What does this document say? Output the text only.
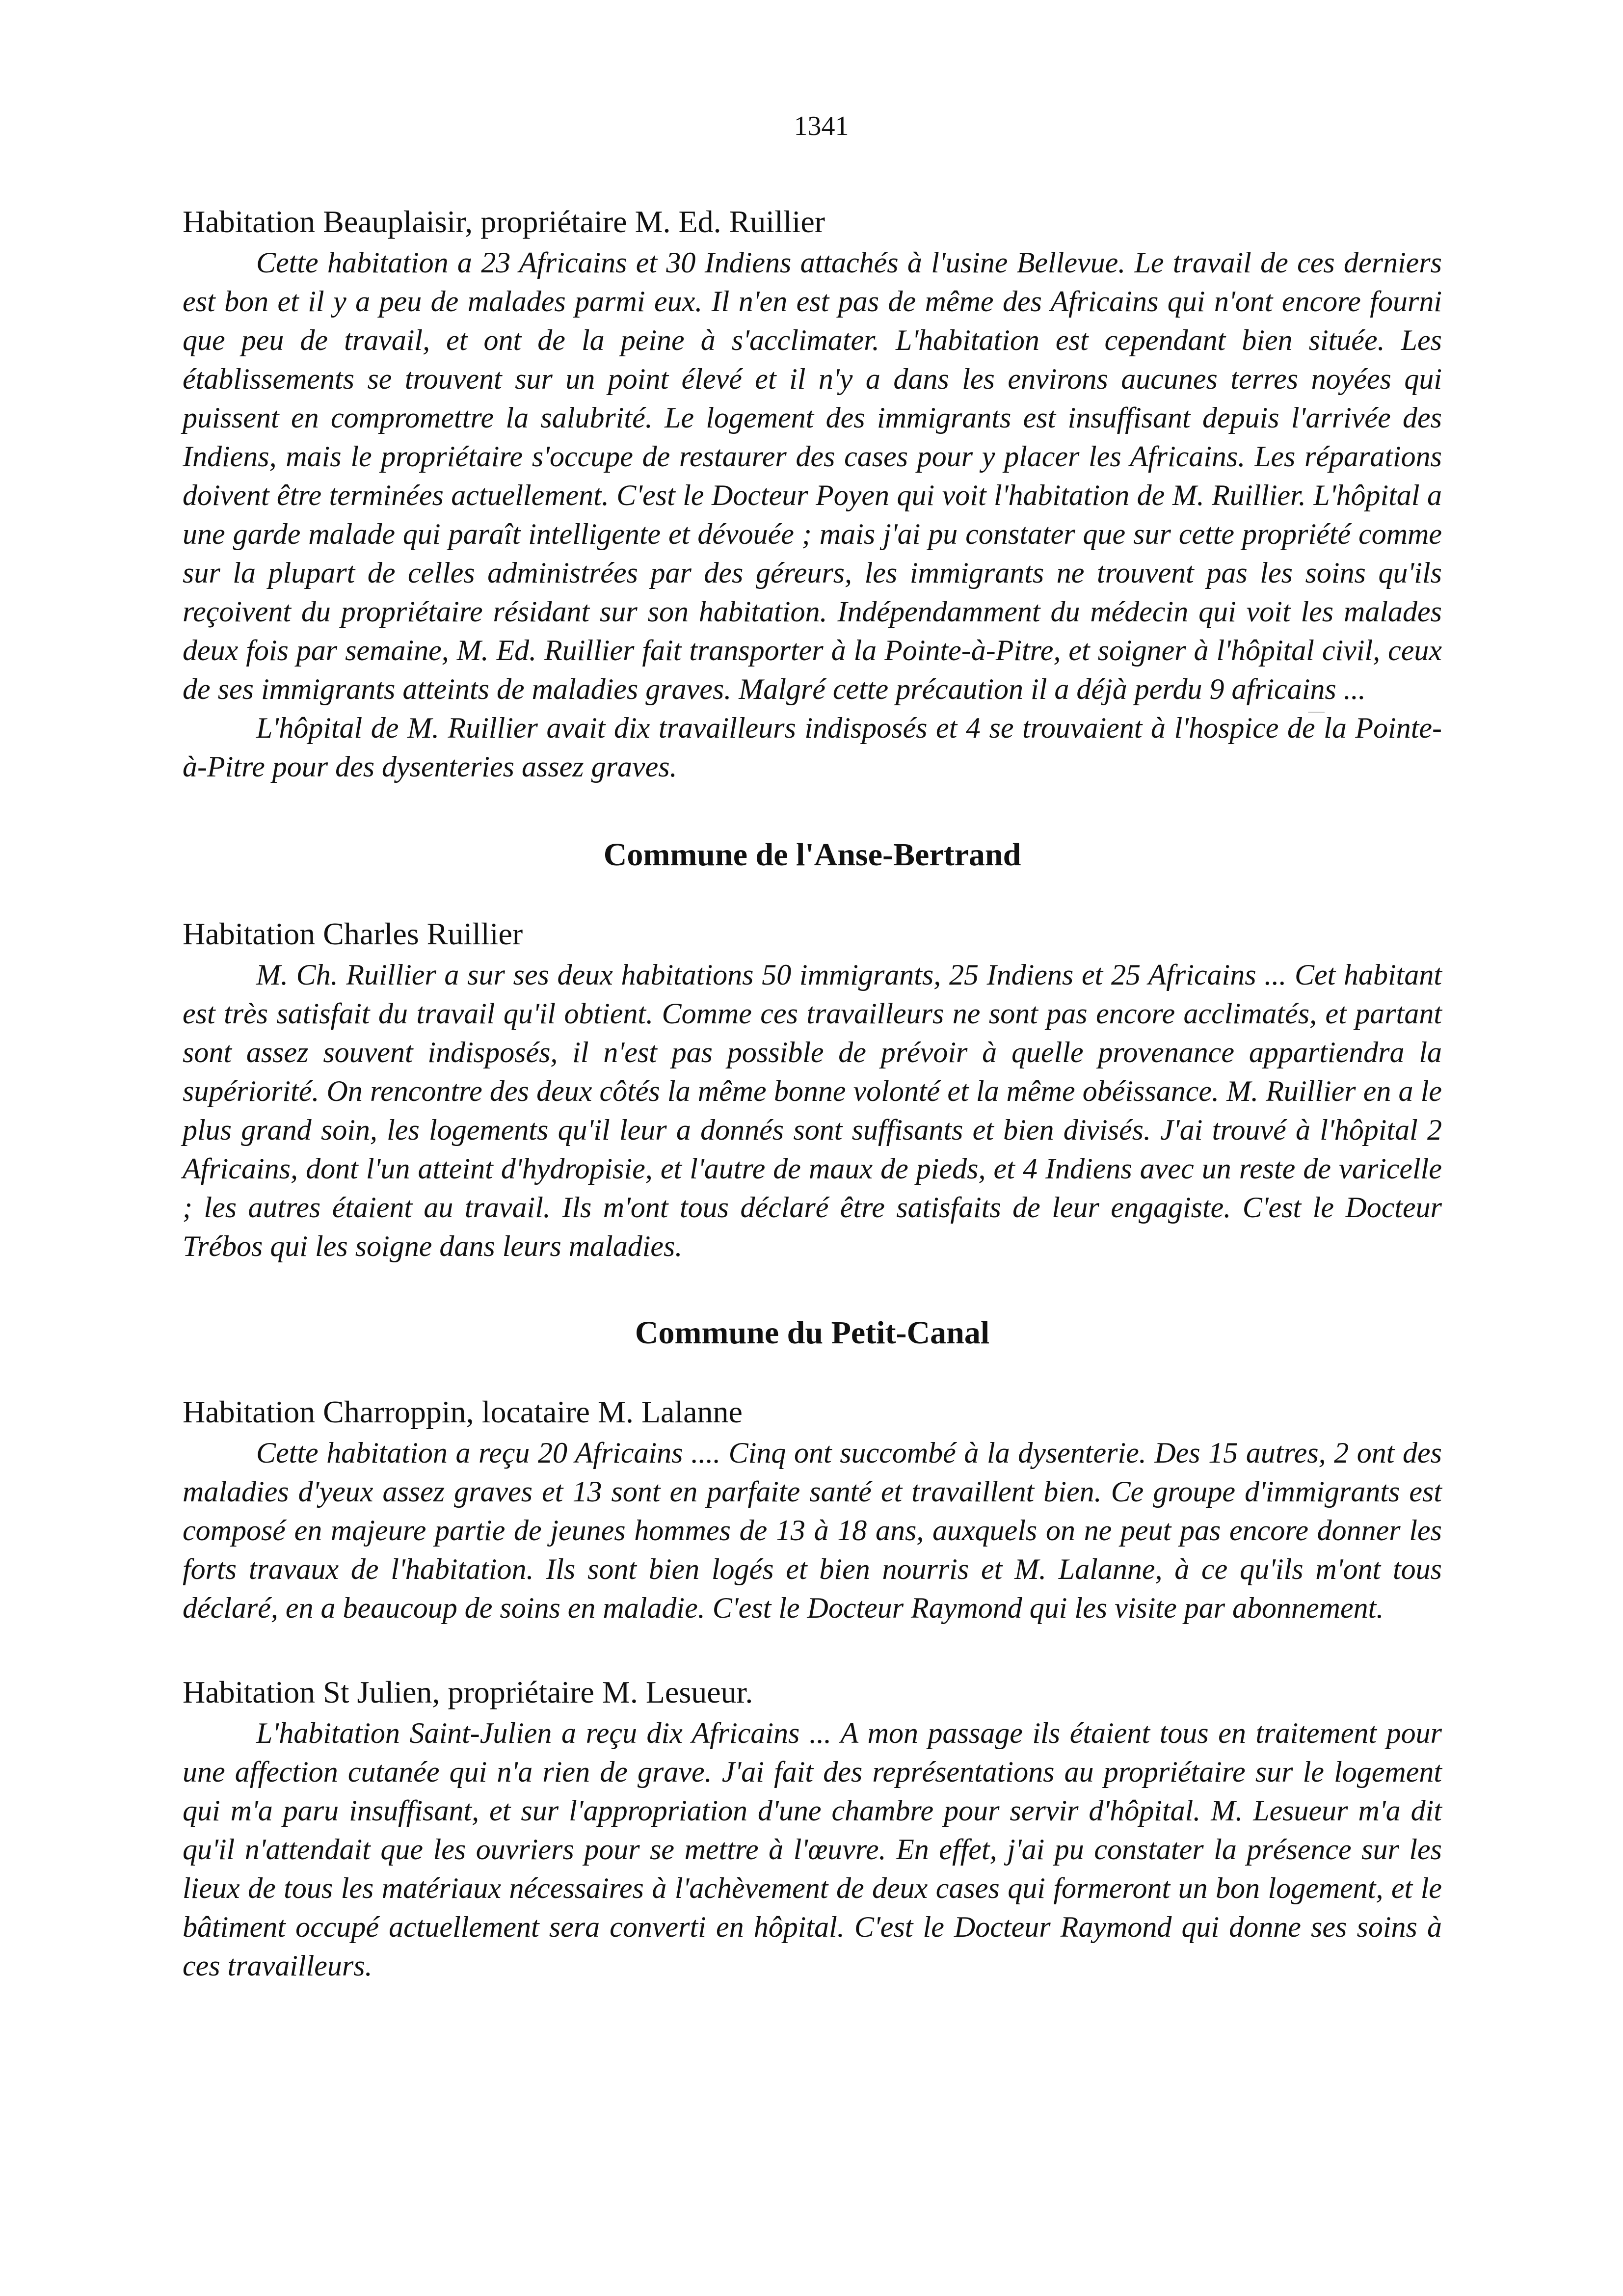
1341

Habitation Beauplaisir, propriétaire M. Ed. Ruillier

Cette habitation a 23 Africains et 30 Indiens attachés à l'usine Bellevue. Le travail de ces derniers est bon et il y a peu de malades parmi eux. Il n'en est pas de même des Africains qui n'ont encore fourni que peu de travail, et ont de la peine à s'acclimater. L'habitation est cependant bien située. Les établissements se trouvent sur un point élevé et il n'y a dans les environs aucunes terres noyées qui puissent en compromettre la salubrité. Le logement des immigrants est insuffisant depuis l'arrivée des Indiens, mais le propriétaire s'occupe de restaurer des cases pour y placer les Africains. Les réparations doivent être terminées actuellement. C'est le Docteur Poyen qui voit l'habitation de M. Ruillier. L'hôpital a une garde malade qui paraît intelligente et dévouée ; mais j'ai pu constater que sur cette propriété comme sur la plupart de celles administrées par des géreurs, les immigrants ne trouvent pas les soins qu'ils reçoivent du propriétaire résidant sur son habitation. Indépendamment du médecin qui voit les malades deux fois par semaine, M. Ed. Ruillier fait transporter à la Pointe-à-Pitre, et soigner à l'hôpital civil, ceux de ses immigrants atteints de maladies graves. Malgré cette précaution il a déjà perdu 9 africains ...

L'hôpital de M. Ruillier avait dix travailleurs indisposés et 4 se trouvaient à l'hospice de la Pointe-à-Pitre pour des dysenteries assez graves.

Commune de l'Anse-Bertrand

Habitation Charles Ruillier

M. Ch. Ruillier a sur ses deux habitations 50 immigrants, 25 Indiens et 25 Africains ... Cet habitant est très satisfait du travail qu'il obtient. Comme ces travailleurs ne sont pas encore acclimatés, et partant sont assez souvent indisposés, il n'est pas possible de prévoir à quelle provenance appartiendra la supériorité. On rencontre des deux côtés la même bonne volonté et la même obéissance. M. Ruillier en a le plus grand soin, les logements qu'il leur a donnés sont suffisants et bien divisés. J'ai trouvé à l'hôpital 2 Africains, dont l'un atteint d'hydropisie, et l'autre de maux de pieds, et 4 Indiens avec un reste de varicelle ; les autres étaient au travail. Ils m'ont tous déclaré être satisfaits de leur engagiste. C'est le Docteur Trébos qui les soigne dans leurs maladies.

Commune du Petit-Canal

Habitation Charroppin, locataire M. Lalanne

Cette habitation a reçu 20 Africains .... Cinq ont succombé à la dysenterie. Des 15 autres, 2 ont des maladies d'yeux assez graves et 13 sont en parfaite santé et travaillent bien. Ce groupe d'immigrants est composé en majeure partie de jeunes hommes de 13 à 18 ans, auxquels on ne peut pas encore donner les forts travaux de l'habitation. Ils sont bien logés et bien nourris et M. Lalanne, à ce qu'ils m'ont tous déclaré, en a beaucoup de soins en maladie. C'est le Docteur Raymond qui les visite par abonnement.

Habitation St Julien, propriétaire M. Lesueur.

L'habitation Saint-Julien a reçu dix Africains ... A mon passage ils étaient tous en traitement pour une affection cutanée qui n'a rien de grave. J'ai fait des représentations au propriétaire sur le logement qui m'a paru insuffisant, et sur l'appropriation d'une chambre pour servir d'hôpital. M. Lesueur m'a dit qu'il n'attendait que les ouvriers pour se mettre à l'œuvre. En effet, j'ai pu constater la présence sur les lieux de tous les matériaux nécessaires à l'achèvement de deux cases qui formeront un bon logement, et le bâtiment occupé actuellement sera converti en hôpital. C'est le Docteur Raymond qui donne ses soins à ces travailleurs.
